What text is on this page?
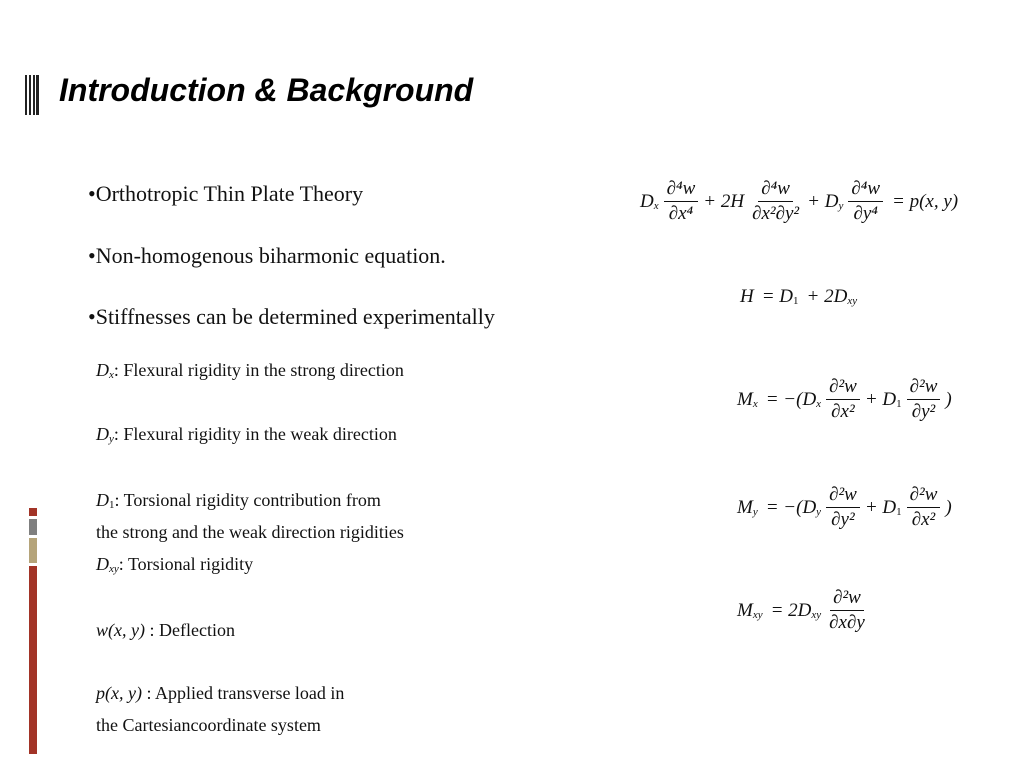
Introduction & Background
•Orthotropic Thin Plate Theory
•Non-homogenous biharmonic equation.
•Stiffnesses can be determined experimentally
$D_x$: Flexural rigidity in the strong direction
$D_y$: Flexural rigidity in the weak direction
$D_1$: Torsional rigidity contribution from
the strong and the weak direction rigidities
$D_{xy}$: Torsional rigidity
w(x, y) : Deflection
p(x, y) : Applied transverse load in
the Cartesiancoordinate system
$D_x \frac{\text{∂⁴w}}{\text{∂x⁴}} + 2H \frac{\text{∂⁴w}}{\text{∂x²∂y²}} + D_y \frac{\text{∂⁴w}}{\text{∂y⁴}} = p(x$, y)
$H = D_1 + 2D_{xy}$
$M_x = -(D_x \frac{\text{∂²w}}{\text{∂x²}} + D_1 \frac{\text{∂²w}}{\text{∂y²}}$ )
$M_y = -(D_y \frac{\text{∂²w}}{\text{∂y²}} + D_1 \frac{\text{∂²w}}{\text{∂x²}}$ )
$M_{xy} = 2D_{xy} \frac{\text{∂²w}}{\partial x\partial y}$
